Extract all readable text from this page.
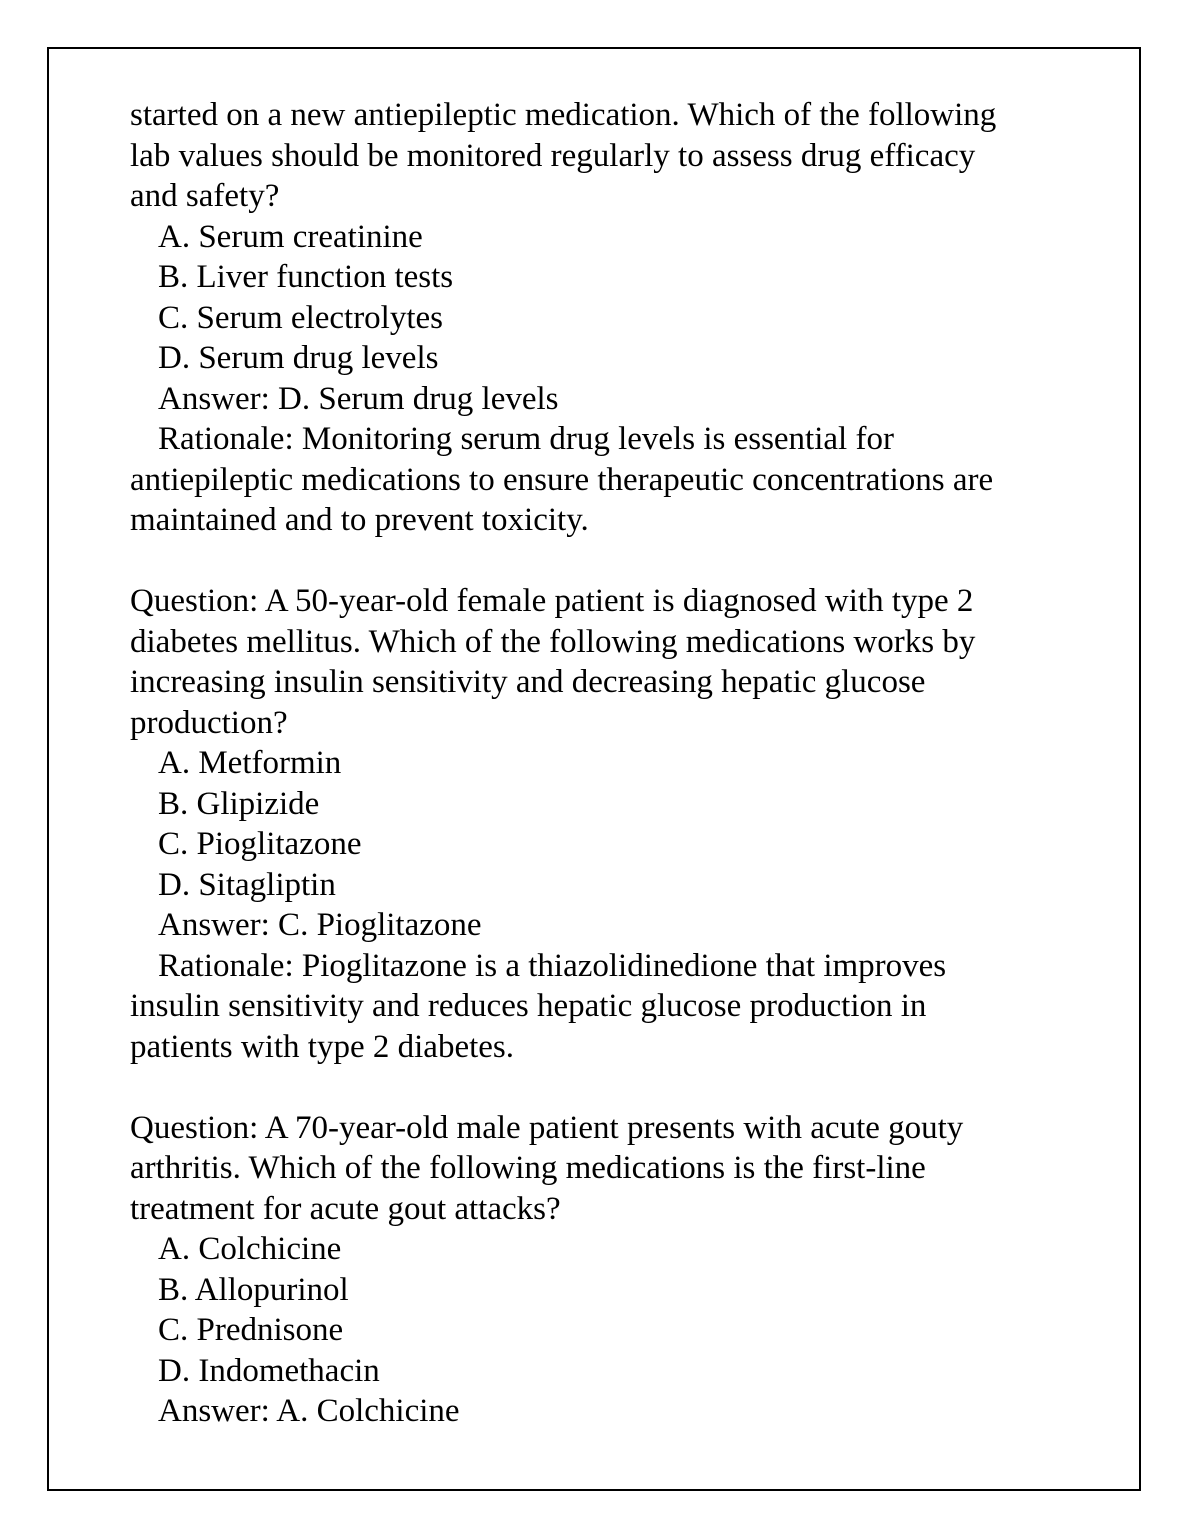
started on a new antiepileptic medication. Which of the following
lab values should be monitored regularly to assess drug efficacy
and safety?
A. Serum creatinine
B. Liver function tests
C. Serum electrolytes
D. Serum drug levels
Answer: D. Serum drug levels
Rationale: Monitoring serum drug levels is essential for
antiepileptic medications to ensure therapeutic concentrations are
maintained and to prevent toxicity.
Question: A 50-year-old female patient is diagnosed with type 2
diabetes mellitus. Which of the following medications works by
increasing insulin sensitivity and decreasing hepatic glucose
production?
A. Metformin
B. Glipizide
C. Pioglitazone
D. Sitagliptin
Answer: C. Pioglitazone
Rationale: Pioglitazone is a thiazolidinedione that improves
insulin sensitivity and reduces hepatic glucose production in
patients with type 2 diabetes.
Question: A 70-year-old male patient presents with acute gouty
arthritis. Which of the following medications is the first-line
treatment for acute gout attacks?
A. Colchicine
B. Allopurinol
C. Prednisone
D. Indomethacin
Answer: A. Colchicine
